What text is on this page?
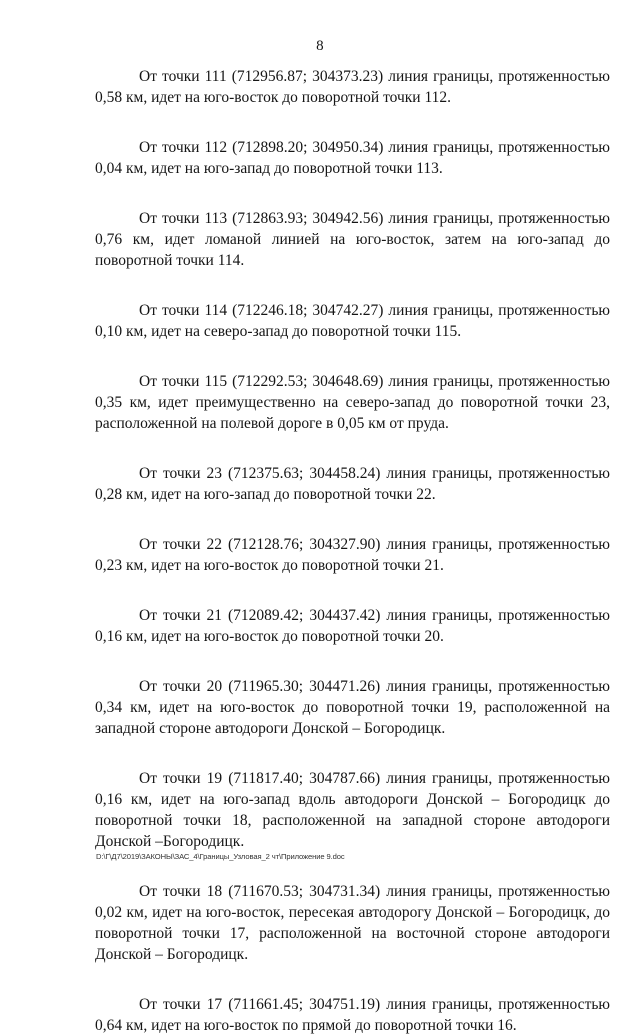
8

От точки 111 (712956.87; 304373.23) линия границы, протяженностью 0,58 км, идет на юго-восток до поворотной точки 112.

От точки 112 (712898.20; 304950.34) линия границы, протяженностью 0,04 км, идет на юго-запад до поворотной точки 113.

От точки 113 (712863.93; 304942.56) линия границы, протяженностью 0,76 км, идет ломаной линией на юго-восток, затем на юго-запад до поворотной точки 114.

От точки 114 (712246.18; 304742.27) линия границы, протяженностью 0,10 км, идет на северо-запад до поворотной точки 115.

От точки 115 (712292.53; 304648.69) линия границы, протяженностью 0,35 км, идет преимущественно на северо-запад до поворотной точки 23, расположенной на полевой дороге в 0,05 км от пруда.

От точки 23 (712375.63; 304458.24) линия границы, протяженностью 0,28 км, идет на юго-запад до поворотной точки 22.

От точки 22 (712128.76; 304327.90) линия границы, протяженностью 0,23 км, идет на юго-восток до поворотной точки 21.

От точки 21 (712089.42; 304437.42) линия границы, протяженностью 0,16 км, идет на юго-восток до поворотной точки 20.

От точки 20 (711965.30; 304471.26) линия границы, протяженностью 0,34 км, идет на юго-восток до поворотной точки 19, расположенной на западной стороне автодороги Донской – Богородицк.

От точки 19 (711817.40; 304787.66) линия границы, протяженностью 0,16 км, идет на юго-запад вдоль автодороги Донской – Богородицк до поворотной точки 18, расположенной на западной стороне автодороги Донской –Богородицк.

От точки 18 (711670.53; 304731.34) линия границы, протяженностью 0,02 км, идет на юго-восток, пересекая автодорогу Донской – Богородицк, до поворотной точки 17, расположенной на восточной стороне автодороги Донской – Богородицк.

От точки 17 (711661.45; 304751.19) линия границы, протяженностью 0,64 км, идет на юго-восток по прямой до поворотной точки 16.

D:\Г\Д7\2019\ЗАКОНЫ\ЗАС_4\Границы_Узловая_2 чт\Приложение 9.doc
